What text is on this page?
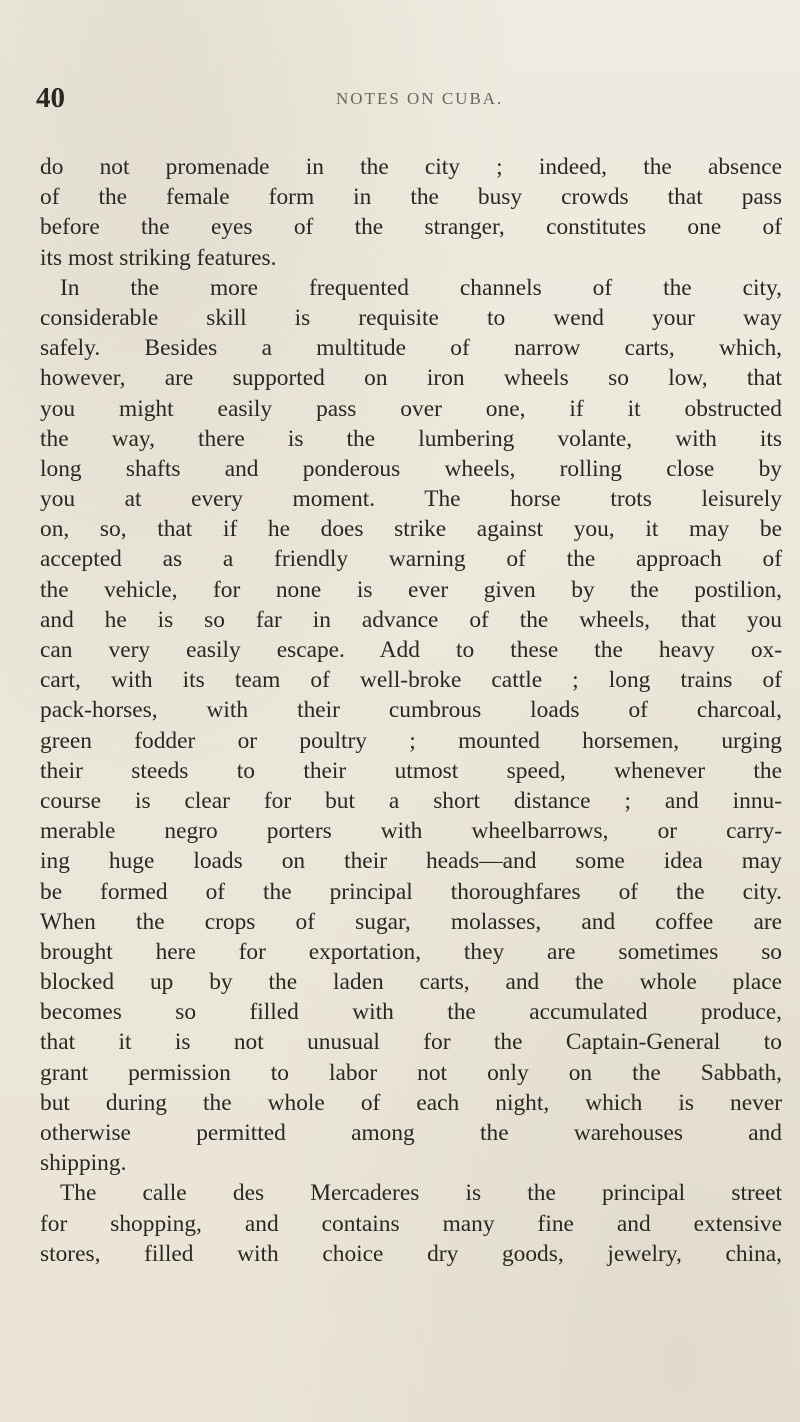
40	NOTES ON CUBA.
do not promenade in the city ; indeed, the absence
of the female form in the busy crowds that pass
before the eyes of the stranger, constitutes one of
its most striking features.
In the more frequented channels of the city,
considerable skill is requisite to wend your way
safely. Besides a multitude of narrow carts, which,
however, are supported on iron wheels so low, that
you might easily pass over one, if it obstructed
the way, there is the lumbering volante, with its
long shafts and ponderous wheels, rolling close by
you at every moment. The horse trots leisurely
on, so, that if he does strike against you, it may be
accepted as a friendly warning of the approach of
the vehicle, for none is ever given by the postilion,
and he is so far in advance of the wheels, that you
can very easily escape. Add to these the heavy ox-
cart, with its team of well-broke cattle ; long trains of
pack-horses, with their cumbrous loads of charcoal,
green fodder or poultry ; mounted horsemen, urging
their steeds to their utmost speed, whenever the
course is clear for but a short distance ; and innu-
merable negro porters with wheelbarrows, or carry-
ing huge loads on their heads—and some idea may
be formed of the principal thoroughfares of the city.
When the crops of sugar, molasses, and coffee are
brought here for exportation, they are sometimes so
blocked up by the laden carts, and the whole place
becomes so filled with the accumulated produce,
that it is not unusual for the Captain-General to
grant permission to labor not only on the Sabbath,
but during the whole of each night, which is never
otherwise permitted among the warehouses and
shipping.
The calle des Mercaderes is the principal street
for shopping, and contains many fine and extensive
stores, filled with choice dry goods, jewelry, china,
